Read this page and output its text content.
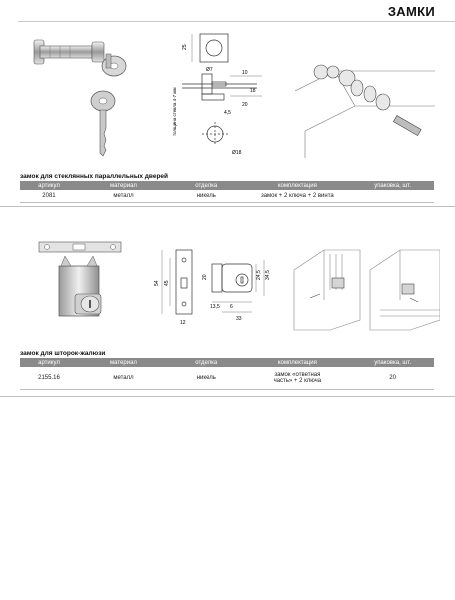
ЗАМКИ
25
Ø7	10
18
20
толщина стекла 4-7 мм
Ø18
4,5
замок для стеклянных параллельных дверей
артикул	материал	отделка	комплектация	упаковка, шт.
2081	металл	никель	замок + 2 ключа + 2 винта	
54 45
12
20	24,5 34,5
13,5 6
33
замок для шторок-жалюзи
артикул	материал	отделка	комплектация	упаковка, шт.
2155.16	металл	никель	замок «ответная часть» + 2 ключа	20
